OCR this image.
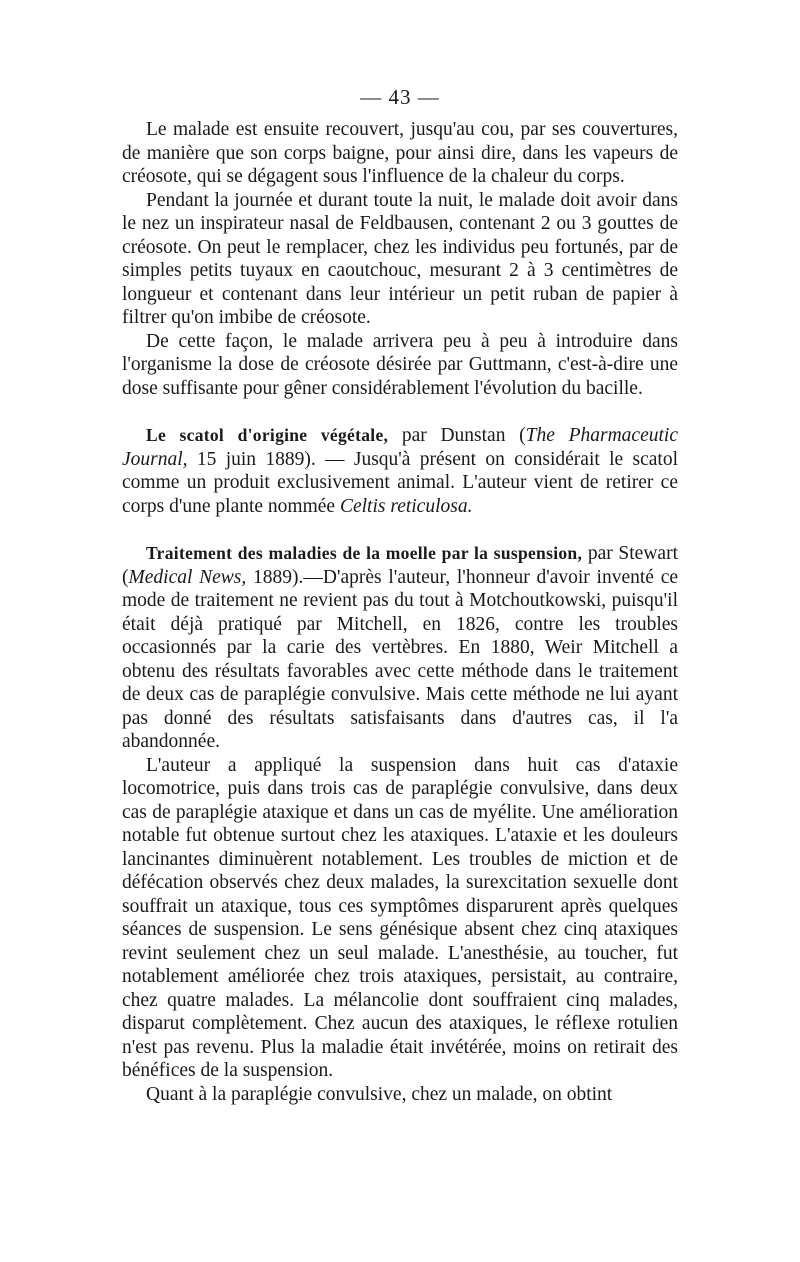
— 43 —

Le malade est ensuite recouvert, jusqu'au cou, par ses couvertures, de manière que son corps baigne, pour ainsi dire, dans les vapeurs de créosote, qui se dégagent sous l'influence de la chaleur du corps.

Pendant la journée et durant toute la nuit, le malade doit avoir dans le nez un inspirateur nasal de Feldbausen, contenant 2 ou 3 gouttes de créosote. On peut le remplacer, chez les individus peu fortunés, par de simples petits tuyaux en caoutchouc, mesurant 2 à 3 centimètres de longueur et contenant dans leur intérieur un petit ruban de papier à filtrer qu'on imbibe de créosote.

De cette façon, le malade arrivera peu à peu à introduire dans l'organisme la dose de créosote désirée par Guttmann, c'est-à-dire une dose suffisante pour gêner considérablement l'évolution du bacille.

Le scatol d'origine végétale, par Dunstan (The Pharmaceutic Journal, 15 juin 1889). — Jusqu'à présent on considérait le scatol comme un produit exclusivement animal. L'auteur vient de retirer ce corps d'une plante nommée Celtis reticulosa.

Traitement des maladies de la moelle par la suspension, par Stewart (Medical News, 1889).—D'après l'auteur, l'honneur d'avoir inventé ce mode de traitement ne revient pas du tout à Motchoutkowski, puisqu'il était déjà pratiqué par Mitchell, en 1826, contre les troubles occasionnés par la carie des vertèbres. En 1880, Weir Mitchell a obtenu des résultats favorables avec cette méthode dans le traitement de deux cas de paraplégie convulsive. Mais cette méthode ne lui ayant pas donné des résultats satisfaisants dans d'autres cas, il l'a abandonnée.

L'auteur a appliqué la suspension dans huit cas d'ataxie locomotrice, puis dans trois cas de paraplégie convulsive, dans deux cas de paraplégie ataxique et dans un cas de myélite. Une amélioration notable fut obtenue surtout chez les ataxiques. L'ataxie et les douleurs lancinantes diminuèrent notablement. Les troubles de miction et de défécation observés chez deux malades, la surexcitation sexuelle dont souffrait un ataxique, tous ces symptômes disparurent après quelques séances de suspension. Le sens génésique absent chez cinq ataxiques revint seulement chez un seul malade. L'anesthésie, au toucher, fut notablement améliorée chez trois ataxiques, persistait, au contraire, chez quatre malades. La mélancolie dont souffraient cinq malades, disparut complètement. Chez aucun des ataxiques, le réflexe rotulien n'est pas revenu. Plus la maladie était invétérée, moins on retirait des bénéfices de la suspension.

Quant à la paraplégie convulsive, chez un malade, on obtint
